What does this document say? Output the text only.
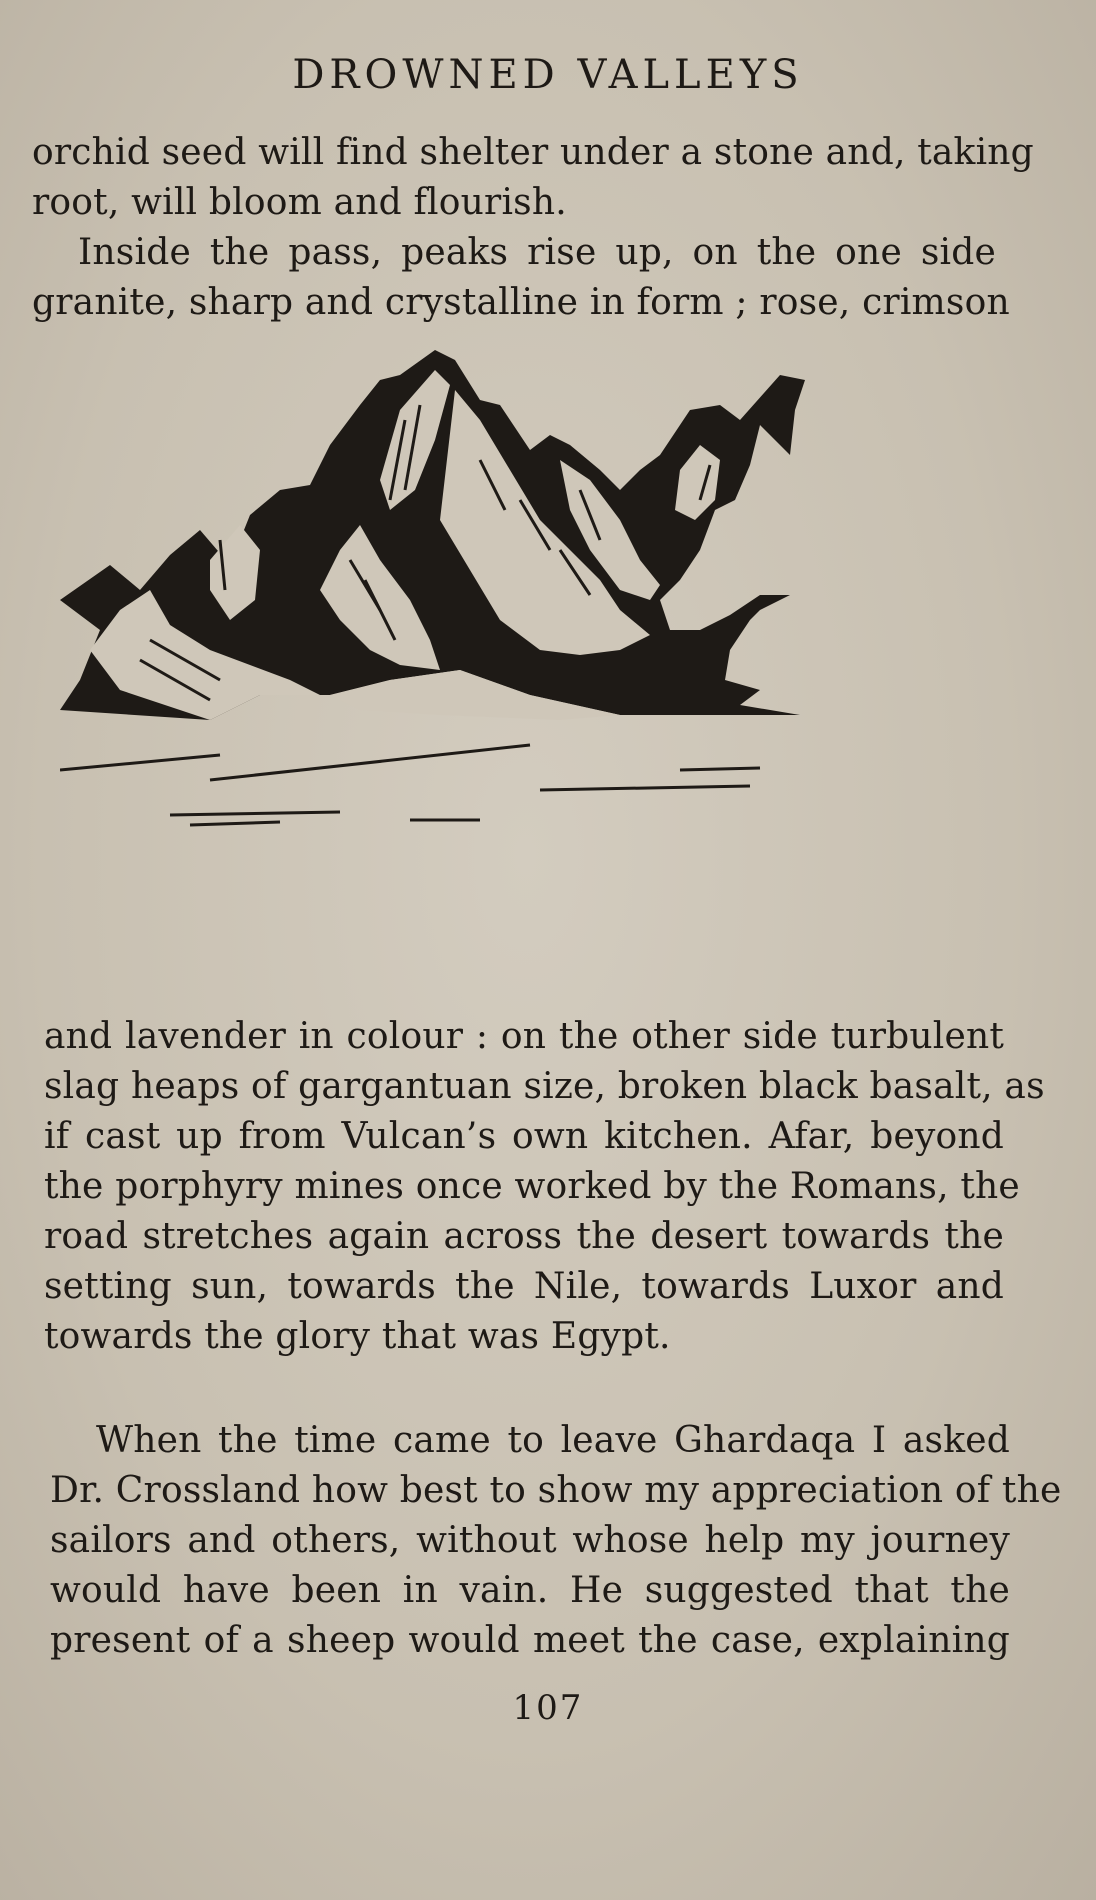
DROWNED VALLEYS

orchid seed will find shelter under a stone and, taking
root, will bloom and flourish.
Inside the pass, peaks rise up, on the one side
granite, sharp and crystalline in form ; rose, crimson

and lavender in colour : on the other side turbulent
slag heaps of gargantuan size, broken black basalt, as
if cast up from Vulcan’s own kitchen. Afar, beyond
the porphyry mines once worked by the Romans, the
road stretches again across the desert towards the
setting sun, towards the Nile, towards Luxor and
towards the glory that was Egypt.

When the time came to leave Ghardaqa I asked
Dr. Crossland how best to show my appreciation of the
sailors and others, without whose help my journey
would have been in vain. He suggested that the
present of a sheep would meet the case, explaining

107
